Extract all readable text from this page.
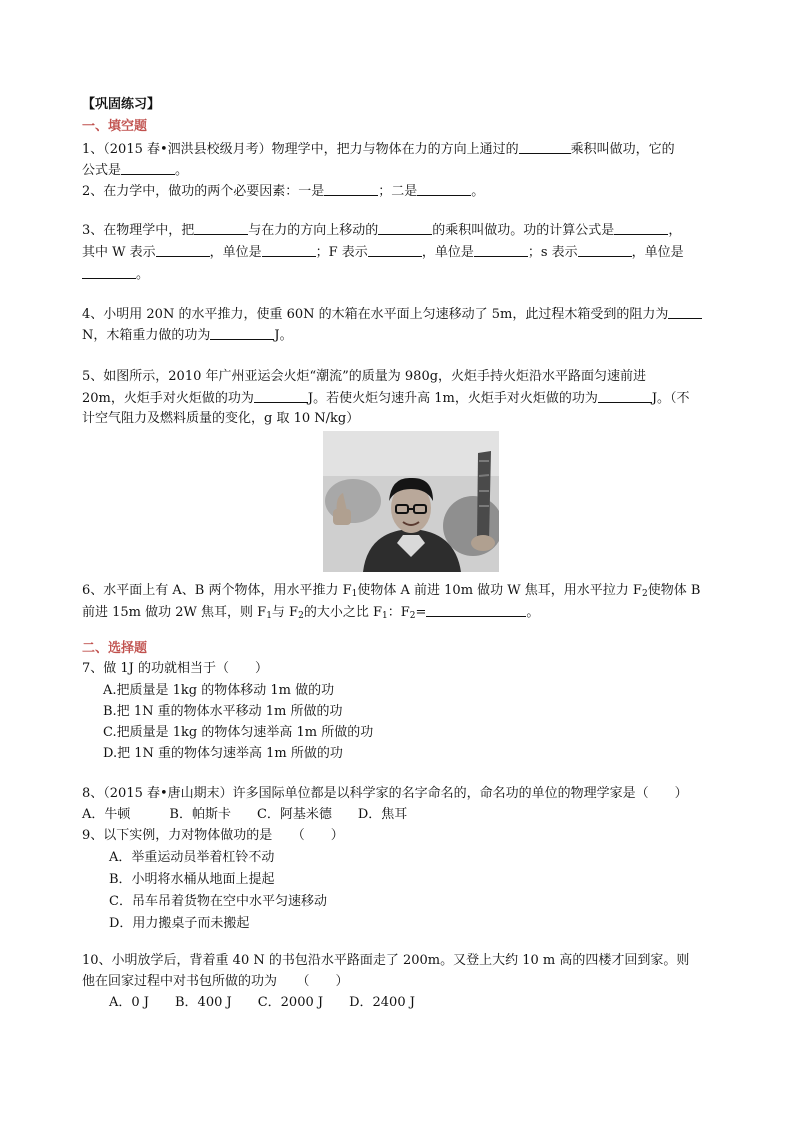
【巩固练习】
一、填空题
1、（2015 春•泗洪县校级月考）物理学中，把力与物体在力的方向上通过的	乘积叫做功，它的
公式是	。
2、在力学中，做功的两个必要因素：一是	；二是	。
3、在物理学中，把	与在力的方向上移动的	的乘积叫做功。功的计算公式是	，
其中 W 表示	，单位是	；F 表示	，单位是	；s 表示	，单位是
。
4、小明用 20N 的水平推力，使重 60N 的木箱在水平面上匀速移动了 5m，此过程木箱受到的阻力为
N，木箱重力做的功为	J。
5、如图所示，2010 年广州亚运会火炬“潮流”的质量为 980g，火炬手持火炬沿水平路面匀速前进
20m，火炬手对火炬做的功为	J。若使火炬匀速升高 1m，火炬手对火炬做的功为	J。（不
计空气阻力及燃料质量的变化，g 取 10 N/kg）
6、水平面上有 A、B 两个物体，用水平推力 $F_1$使物体 A 前进 10m 做功 W 焦耳，用水平拉力 $F_2$使物体 B
前进 15m 做功 2W 焦耳，则 $F_1$与 $F_2$的大小之比 $F_1$：$F_2=$	。
二、选择题
7、做 1J 的功就相当于（　　）
A.把质量是 1kg 的物体移动 1m 做的功
B.把 1N 重的物体水平移动 1m 所做的功
C.把质量是 1kg 的物体匀速举高 1m 所做的功
D.把 1N 重的物体匀速举高 1m 所做的功
8、（2015 春•唐山期末）许多国际单位都是以科学家的名字命名的，命名功的单位的物理学家是（　　）
A．牛顿　　　B．帕斯卡　　C．阿基米德　　D．焦耳
9、以下实例，力对物体做功的是　　（　　）
A．举重运动员举着杠铃不动
B．小明将水桶从地面上提起
C．吊车吊着货物在空中水平匀速移动
D．用力搬桌子而未搬起
10、小明放学后，背着重 40 N 的书包沿水平路面走了 200m。又登上大约 10 m 高的四楼才回到家。则
他在回家过程中对书包所做的功为　　（　　）
A．0 J　　B．400 J　　C．2000 J　　D．2400 J
